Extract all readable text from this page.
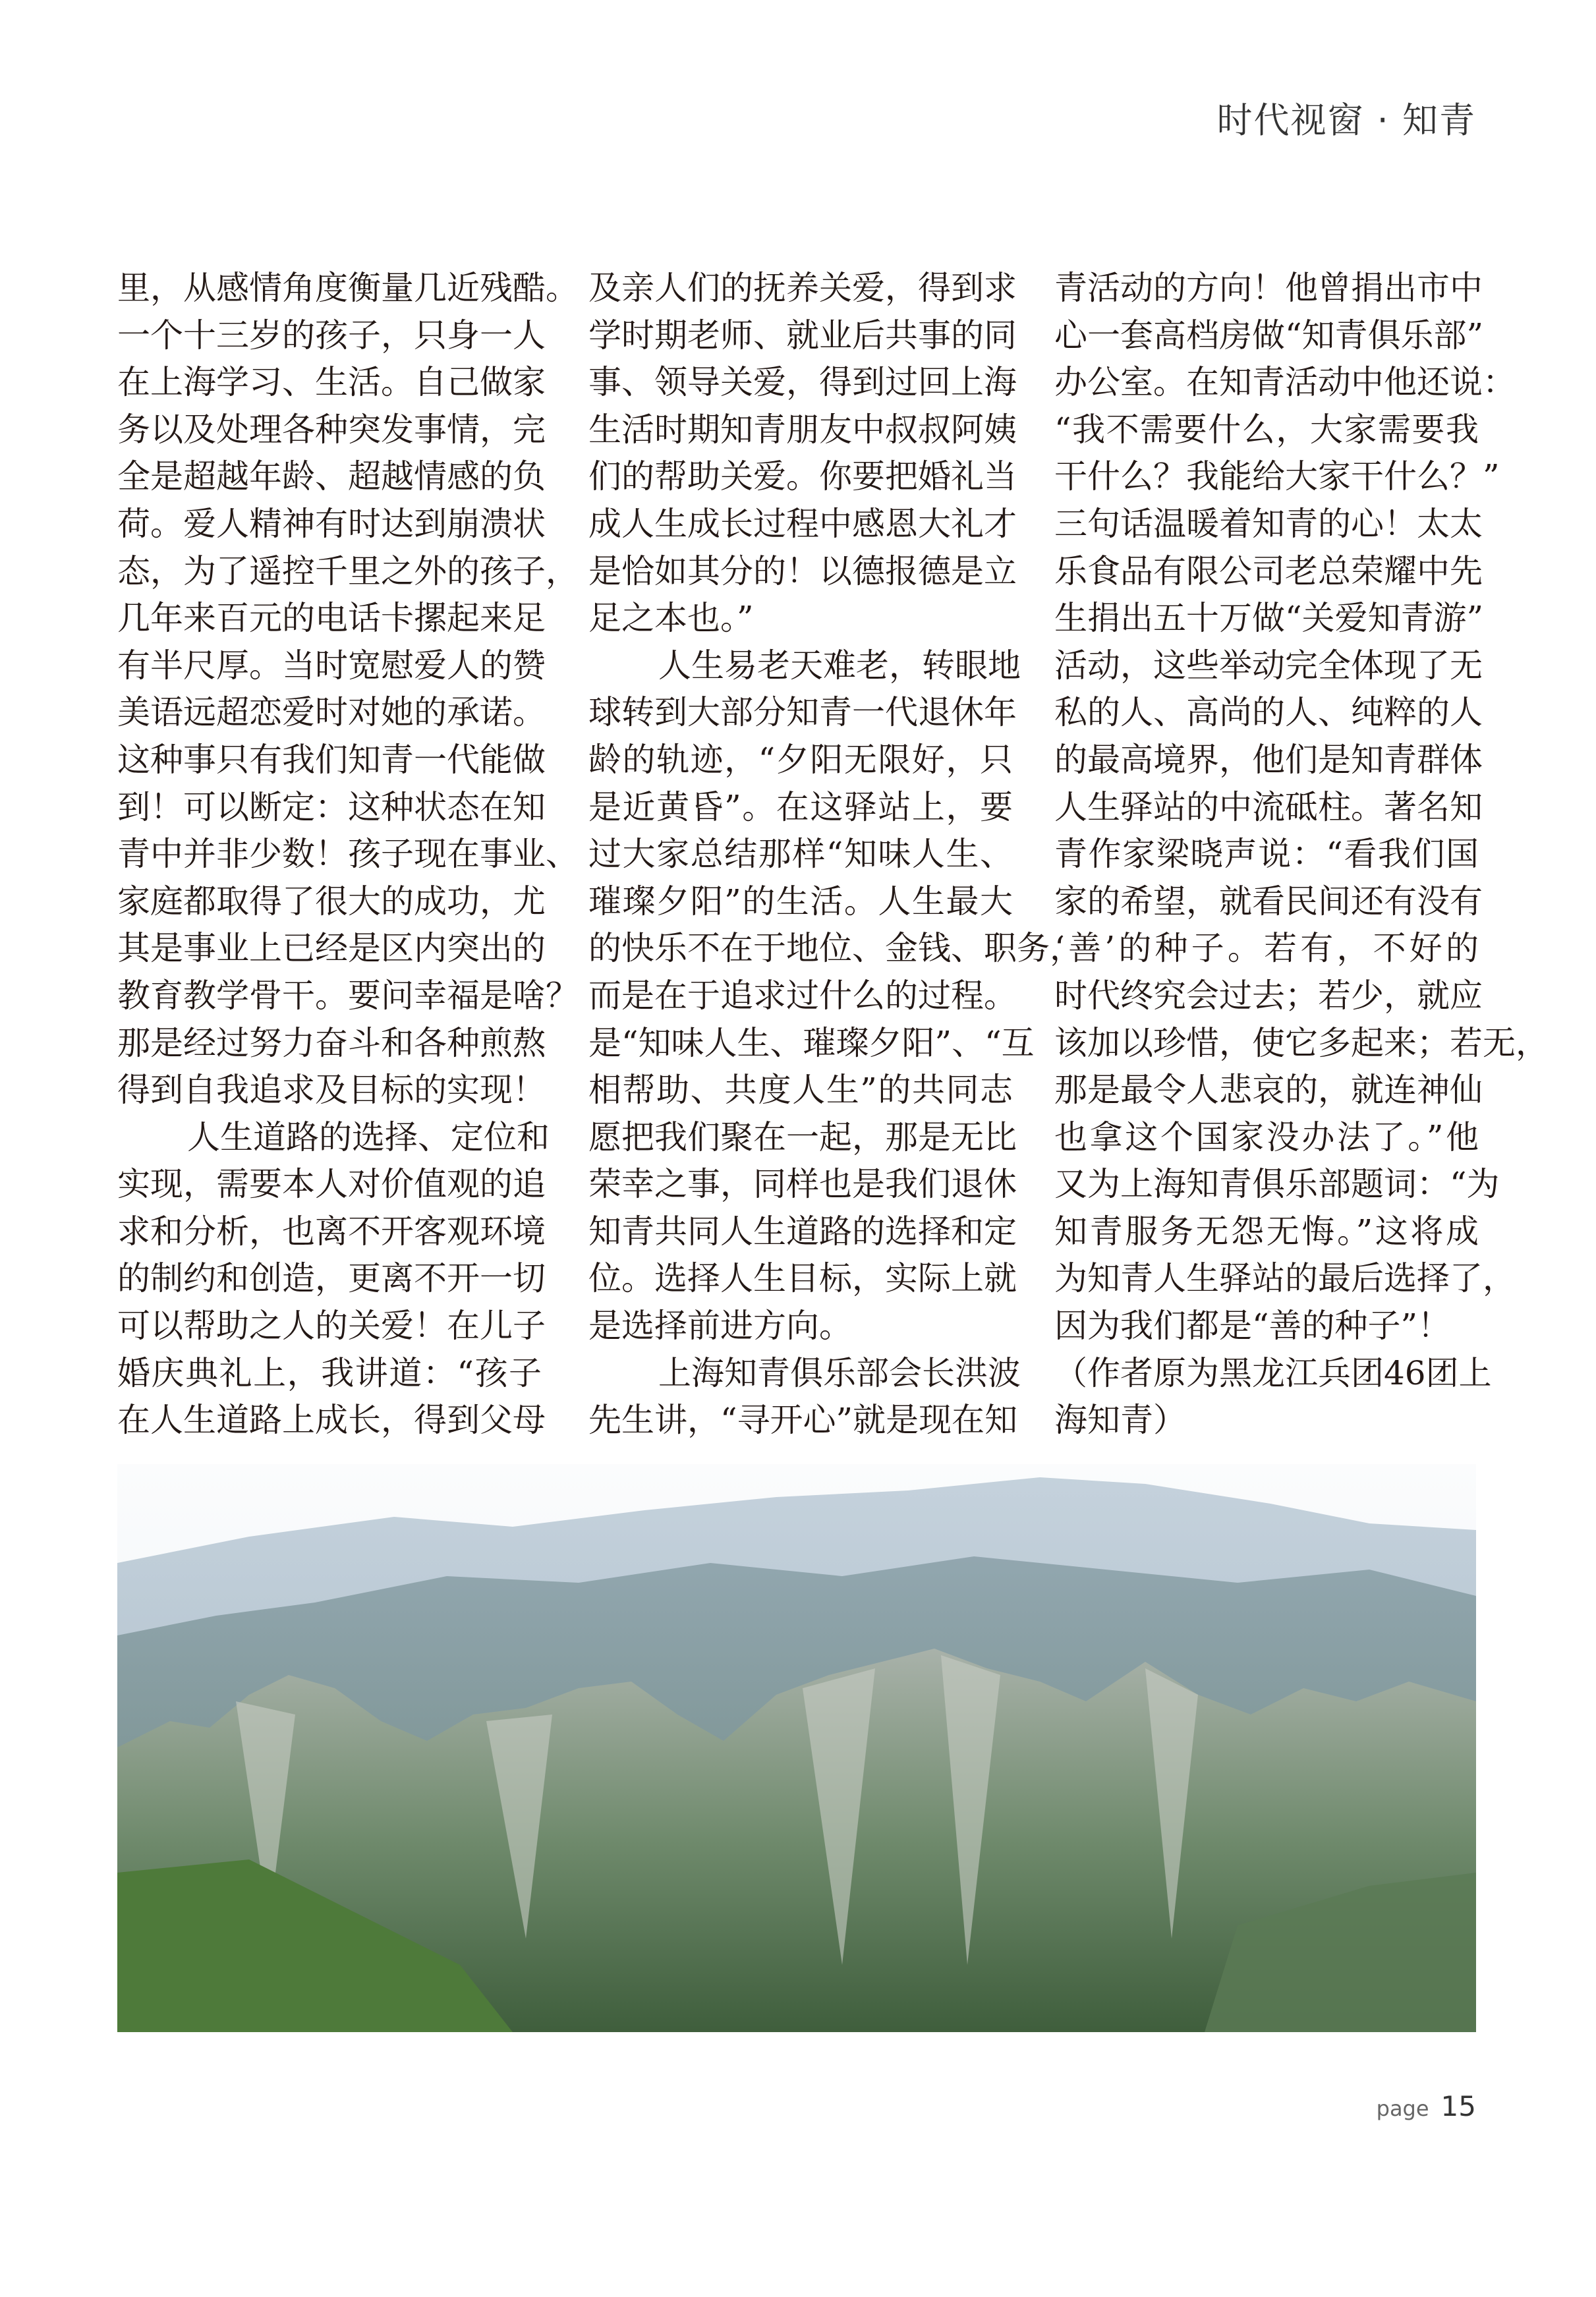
时代视窗 · 知青
里，从感情角度衡量几近残酷。
一个十三岁的孩子，只身一人
在上海学习、生活。自己做家
务以及处理各种突发事情，完
全是超越年龄、超越情感的负
荷。爱人精神有时达到崩溃状
态，为了遥控千里之外的孩子，
几年来百元的电话卡摞起来足
有半尺厚。当时宽慰爱人的赞
美语远超恋爱时对她的承诺。
这种事只有我们知青一代能做
到！可以断定：这种状态在知
青中并非少数！孩子现在事业、
家庭都取得了很大的成功，尤
其是事业上已经是区内突出的
教育教学骨干。要问幸福是啥？
那是经过努力奋斗和各种煎熬
得到自我追求及目标的实现！
人生道路的选择、定位和
实现，需要本人对价值观的追
求和分析，也离不开客观环境
的制约和创造，更离不开一切
可以帮助之人的关爱！在儿子
婚庆典礼上，我讲道：“孩子
在人生道路上成长，得到父母
及亲人们的抚养关爱，得到求
学时期老师、就业后共事的同
事、领导关爱，得到过回上海
生活时期知青朋友中叔叔阿姨
们的帮助关爱。你要把婚礼当
成人生成长过程中感恩大礼才
是恰如其分的！以德报德是立
足之本也。”
人生易老天难老，转眼地
球转到大部分知青一代退休年
龄的轨迹，“夕阳无限好，只
是近黄昏”。在这驿站上，要
过大家总结那样“知味人生、
璀璨夕阳”的生活。人生最大
的快乐不在于地位、金钱、职务，
而是在于追求过什么的过程。
是“知味人生、璀璨夕阳”、“互
相帮助、共度人生”的共同志
愿把我们聚在一起，那是无比
荣幸之事，同样也是我们退休
知青共同人生道路的选择和定
位。选择人生目标，实际上就
是选择前进方向。
上海知青俱乐部会长洪波
先生讲，“寻开心”就是现在知
青活动的方向！他曾捐出市中
心一套高档房做“知青俱乐部”
办公室。在知青活动中他还说：
“我不需要什么，大家需要我
干什么？我能给大家干什么？”
三句话温暖着知青的心！太太
乐食品有限公司老总荣耀中先
生捐出五十万做“关爱知青游”
活动，这些举动完全体现了无
私的人、高尚的人、纯粹的人
的最高境界，他们是知青群体
人生驿站的中流砥柱。著名知
青作家梁晓声说：“看我们国
家的希望，就看民间还有没有
‘善’的种子。若有，不好的
时代终究会过去；若少，就应
该加以珍惜，使它多起来；若无，
那是最令人悲哀的，就连神仙
也拿这个国家没办法了。”他
又为上海知青俱乐部题词：“为
知青服务无怨无悔。”这将成
为知青人生驿站的最后选择了，
因为我们都是“善的种子”！
（作者原为黑龙江兵团46团上
海知青）
page 15
